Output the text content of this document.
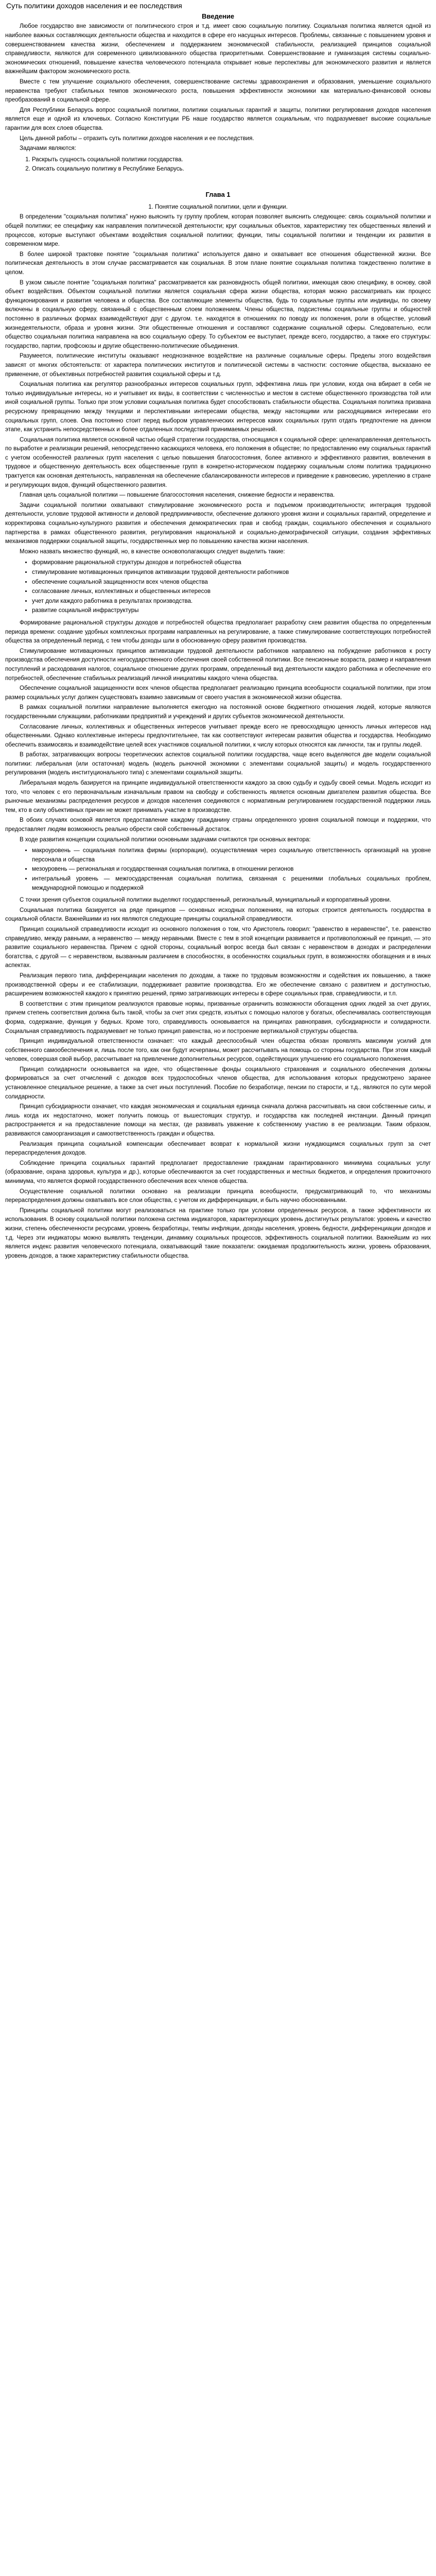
Суть политики доходов населения и ее последствия
Введение

Любое государство вне зависимости от политического строя и т.д. имеет свою социальную политику. Социальная политика является одной из наиболее важных составляющих деятельности общества и находится в сфере его насущных интересов. Проблемы, связанные с повышением уровня и совершенствованием качества жизни, обеспечением и поддержанием экономической стабильности, реализацией принципов социальной справедливости, являются для современного цивилизованного общества приоритетными. Совершенствование и гуманизация системы социально-экономических отношений, повышение качества человеческого потенциала открывает новые перспективы для экономического развития и является важнейшим фактором экономического роста.

Вместе с тем улучшение социального обеспечения, совершенствование системы здравоохранения и образования, уменьшение социального неравенства требуют стабильных темпов экономического роста, повышения эффективности экономики как материально-финансовой основы преобразований в социальной сфере.

Для Республики Беларусь вопрос социальной политики, политики социальных гарантий и защиты, политики регулирования доходов населения является еще и одной из ключевых. Согласно Конституции РБ наше государство является социальным, что подразумевает высокие социальные гарантии для всех слоев общества.

Цель данной работы – отразить суть политики доходов населения и ее последствия.

Задачами являются:

1. Раскрыть сущность социальной политики государства.
2. Описать социальную политику в Республике Беларусь.
Глава 1
1. Понятие социальной политики, цели и функции.

В определении "социальная политика" нужно выяснить ту группу проблем, которая позволяет выяснить следующее: связь социальной политики и общей политики; ее специфику как направления политической деятельности; круг социальных объектов, характеристику тех общественных явлений и процессов, которые выступают объектами воздействия социальной политики; функции, типы социальной политики и тенденции их развития в современном мире.

В более широкой трактовке понятие "социальная политика" используется давно и охватывает все отношения общественной жизни. Все политическая деятельность в этом случае рассматривается как социальная. В этом плане понятие социальная политика тождественно политике в целом.

В узком смысле понятие "социальная политика" рассматривается как разновидность общей политики, имеющая свою специфику, в основу, свой объект воздействия. Объектом социальной политики является социальная сфера жизни общества, которая можно рассматривать как процесс функционирования и развития человека и общества. Все составляющие элементы общества, будь то социальные группы или индивиды, по своему включены в социальную сферу, связанный с общественным слоем положением. Члены общества, подсистемы социальные группы и общностей постоянно в различных формах взаимодействуют друг с другом. т.е. находятся в отношениях по поводу их положения, роли в обществе, условий жизнедеятельности, образа и уровня жизни. Эти общественные отношения и составляют содержание социальной сферы. Следовательно, если общество социальная политика направлена на всю социальную сферу. То субъектом ее выступает, прежде всего, государство, а также его структуры: государство, партии, профсоюзы и другие общественно-политические объединения.

Разумеется, политические институты оказывают неоднозначное воздействие на различные социальные сферы. Пределы этого воздействия зависят от многих обстоятельств: от характера политических институтов и политической системы в частности: состояние общества, высказано ее применение, от объективных потребностей развития социальной сферы и т.д.

Социальная политика как регулятор разнообразных интересов социальных групп, эффективна лишь при условии, когда она вбирает в себя не только индивидуальные интересы, но и учитывает их виды, в соответствии с численностью и местом в системе общественного производства той или иной социальной группы. Только при этом условии социальная политика будет способствовать стабильности общества. Социальная политика призвана ресурсному превращению между текущими и перспективными интересами общества, между настоящими или расходящимися интересами его социальных групп, слоев. Она постоянно стоит перед выбором управленческих интересов каких социальных групп отдать предпочтение на данном этапе, как устранить непосредственных и более отдаленных последствий принимаемых решений.

Социальная политика является основной частью общей стратегии государства, относящаяся к социальной сфере: целенаправленная деятельность по выработке и реализации решений, непосредственно касающихся человека, его положения в обществе; по предоставлению ему социальных гарантий с учетом особенностей различных групп населения с целью повышения благосостояния, более активного и эффективного развития, вовлечения в трудовое и общественную деятельность всех общественные групп в конкретно-историческом поддержку социальным слоям политика традиционно трактуется как основная деятельность, направленная на обеспечение сбалансированности интересов и приведение к равновесию, укреплению в стране и регулирующих видов, функций общественного развития.

Главная цель социальной политики — повышение благосостояния населения, снижение бедности и неравенства.

Задачи социальной политики охватывают стимулирование экономического роста и подъемом производительности; интеграция трудовой деятельности, условие трудовой активности и деловой предприимчивости, обеспечение должного уровня жизни и социальных гарантий, определение и корректировка социально-культурного развития и обеспечения демократических прав и свобод граждан, социального обеспечения и социального партнерства в рамках общественного развития, регулирования национальной и социально-демографической ситуации, создания эффективных механизмов поддержки социальной защиты, государственных мер по повышению качества жизни населения.

Можно назвать множество функций, но, в качестве основополагающих следует выделить такие:

• формирование рациональной структуры доходов и потребностей общества
• стимулирование мотивационных принципов активизации трудовой деятельности работников
• обеспечение социальной защищенности всех членов общества
• согласование личных, коллективных и общественных интересов
• учет доли каждого работника в результатах производства.
• развитие социальной инфраструктуры

Формирование рациональной структуры доходов и потребностей общества предполагает разработку схем развития общества по определенным периода времени: создание удобных комплексных программ направленных на регулирование, а также стимулирование соответствующих потребностей общества за определенный период, с тем чтобы доходы шли в обоснованную сферу развития производства.

Стимулирование мотивационных принципов активизации трудовой деятельности работников направлено на побуждение работников к росту производства обеспечения доступности негосударственного обеспечения своей собственной политики. Все пенсионные возраста, размер и направления поступлений и расходования налогов, социальное отношение других программ, определенный вид деятельности каждого работника и обеспечение его потребностей, обеспечение стабильных реализаций личной инициативы каждого члена общества.

Обеспечение социальной защищенности всех членов общества предполагает реализацию принципа всеобщности социальной политики, при этом размер социальных услуг должен существовать взаимно зависимым от своего участия в экономической жизни общества.

В рамках социальной политики направление выполняется ежегодно на постоянной основе бюджетного отношения людей, которые являются государственными служащими, работниками предприятий и учреждений и других субъектов экономической деятельности.

Согласование личных, коллективных и общественных интересов учитывает прежде всего не превосходящую ценность личных интересов над общественными. Однако коллективные интересы предпочтительнее, так как соответствуют интересам развития общества и государства. Необходимо обеспечить взаимосвязь и взаимодействие целей всех участников социальной политики, к числу которых относятся как личности, так и группы людей.

В работах, затрагивающих вопросы теоретических аспектов социальной политики государства, чаще всего выделяются две модели социальной политики: либеральная (или остаточная) модель (модель рыночной экономики с элементами социальной защиты) и модель государственного регулирования (модель институционального типа) с элементами социальной защиты.

Либеральная модель базируется на принципе индивидуальной ответственности каждого за свою судьбу и судьбу своей семьи. Модель исходит из того, что человек с его первоначальным изначальным правом на свободу и собственность является основным двигателем развития общества. Все рыночные механизмы распределения ресурсов и доходов населения соединяются с нормативным регулированием государственной поддержки лишь тем, кто в силу объективных причин не может принимать участие в производстве.

В обоих случаях основой является предоставление каждому гражданину страны определенного уровня социальной помощи и поддержки, что предоставляет людям возможность реально обрести свой собственный достаток.

В ходе развития концепции социальной политики основными задачами считаются три основных вектора:

• макроуровень — социальная политика фирмы (корпорации), осуществляемая через социальную ответственность организаций на уровне персонала и общества
• мезоуровень — региональная и государственная социальная политика, в отношении регионов
• интегральный уровень — межгосударственная социальная политика, связанная с решениями глобальных социальных проблем, международной помощью и поддержкой

С точки зрения субъектов социальной политики выделяют государственный, региональный, муниципальный и корпоративный уровни.

Социальная политика базируется на ряде принципов — основных исходных положениях, на которых строится деятельность государства в социальной области. Важнейшими из них являются следующие принципы социальной справедливости.

Принцип социальной справедливости исходит из основного положения о том, что Аристотель говорил: "равенство в неравенстве", т.е. равенство справедливо, между равными, а неравенство — между неравными. Вместе с тем в этой концепции развивается и противоположный ее принцип, — это развитие социального неравенства. Причем с одной стороны, социальный вопрос всегда был связан с неравенством в доходах и распределении богатства, с другой — с неравенством, вызванным различием в способностях, в особенностях социальных групп, в возможностях обогащения и в иных аспектах.

Реализация первого типа, дифференциации населения по доходам, а также по трудовым возможностям и содействия их повышению, а также производственной сферы и ее стабилизации, поддерживает развитие производства. Его же обеспечение связано с развитием и доступностью, расширением возможностей каждого к принятию решений, прямо затрагивающих интересы в сфере социальных прав, справедливости, и т.п.

В соответствии с этим принципом реализуются правовые нормы, призванные ограничить возможности обогащения одних людей за счет других, причем степень соответствия должна быть такой, чтобы за счет этих средств, изъятых с помощью налогов у богатых, обеспечивалась соответствующая форма, содержание, функция у бедных. Кроме того, справедливость основывается на принципах равноправия, субсидиарности и солидарности. Социальная справедливость подразумевает не только принцип равенства, но и построение вертикальной структуры общества.

Принцип индивидуальной ответственности означает: что каждый дееспособный член общества обязан проявлять максимум усилий для собственного самообеспечения и, лишь после того, как они будут исчерпаны, может рассчитывать на помощь со стороны государства. При этом каждый человек, совершая свой выбор, рассчитывает на привлечение дополнительных ресурсов, содействующих улучшению его социального положения.

Принцип солидарности основывается на идее, что общественные фонды социального страхования и социального обеспечения должны формироваться за счет отчислений с доходов всех трудоспособных членов общества, для использования которых предусмотрено заранее установленное специальное решение, а также за счет иных поступлений. Пособие по безработице, пенсии по старости, и т.д., являются по сути мерой солидарности.

Принцип субсидиарности означает, что каждая экономическая и социальная единица сначала должна рассчитывать на свои собственные силы, и лишь когда их недостаточно, может получить помощь от вышестоящих структур, и государства как последней инстанции. Данный принцип распространяется и на предоставление помощи на местах, где развивать уважение к собственному участию в ее реализации. Таким образом, развиваются самоорганизация и самоответственность граждан и общества.

Реализация принципа социальной компенсации обеспечивает возврат к нормальной жизни нуждающимся социальных групп за счет перераспределения доходов.

Соблюдение принципа социальных гарантий предполагает предоставление гражданам гарантированного минимума социальных услуг (образование, охрана здоровья, культура и др.), которые обеспечиваются за счет государственных и местных бюджетов, и определения прожиточного минимума, что является формой государственного обеспечения всех членов общества.

Осуществление социальной политики основано на реализации принципа всеобщности, предусматривающий то, что механизмы перераспределения должны охватывать все слои общества, с учетом их дифференциации, и быть научно обоснованными.

Принципы социальной политики могут реализоваться на практике только при условии определенных ресурсов, а также эффективности их использования. В основу социальной политики положена система индикаторов, характеризующих уровень достигнутых результатов: уровень и качество жизни, степень обеспеченности ресурсами, уровень безработицы, темпы инфляции, доходы населения, уровень бедности, дифференциации доходов и т.д. Через эти индикаторы можно выявлять тенденции, динамику социальных процессов, эффективность социальной политики. Важнейшим из них является индекс развития человеческого потенциала, охватывающий такие показатели: ожидаемая продолжительность жизни, уровень образования, уровень доходов, а также характеристику стабильности общества.
